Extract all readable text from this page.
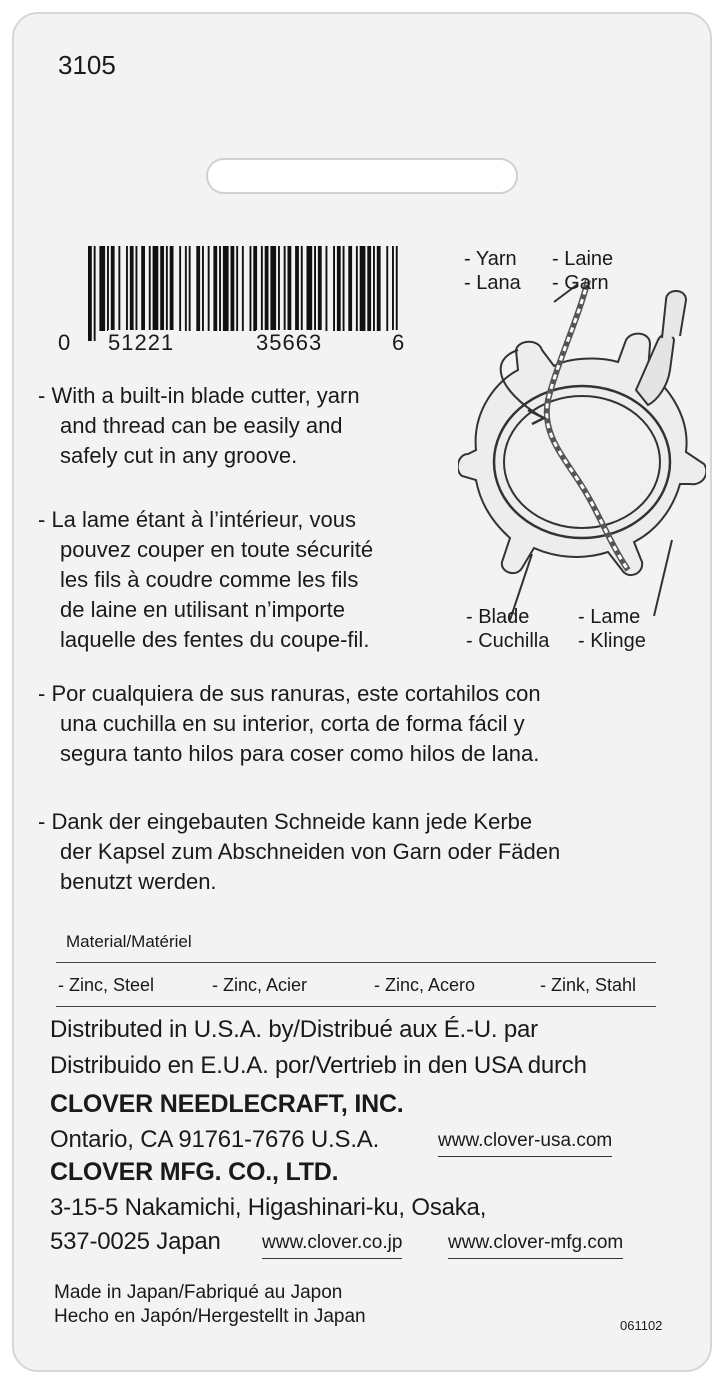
3105
0 51221	35663	6
- With a built-in blade cutter, yarn
and thread can be easily and
safely cut in any groove.
- La lame étant à l’intérieur, vous
pouvez couper en toute sécurité
les fils à coudre comme les fils
de laine en utilisant n’importe
laquelle des fentes du coupe-fil.
- Por cualquiera de sus ranuras, este cortahilos con
una cuchilla en su interior, corta de forma fácil y
segura tanto hilos para coser como hilos de lana.
- Dank der eingebauten Schneide kann jede Kerbe
der Kapsel zum Abschneiden von Garn oder Fäden
benutzt werden.
- Yarn - Laine
- Lana - Garn
- Blade - Lame
- Cuchilla - Klinge
Material/Matériel
- Zinc, Steel	- Zinc, Acier	- Zinc, Acero	- Zink, Stahl
Distributed in U.S.A. by/Distribué aux É.-U. par
Distribuido en E.U.A. por/Vertrieb in den USA durch
CLOVER NEEDLECRAFT, INC.
Ontario, CA 91761-7676 U.S.A.	www.clover-usa.com
CLOVER MFG. CO., LTD.
3-15-5 Nakamichi, Higashinari-ku, Osaka,
537-0025 Japan www.clover.co.jp www.clover-mfg.com
Made in Japan/Fabriqué au Japon
Hecho en Japón/Hergestellt in Japan	061102
